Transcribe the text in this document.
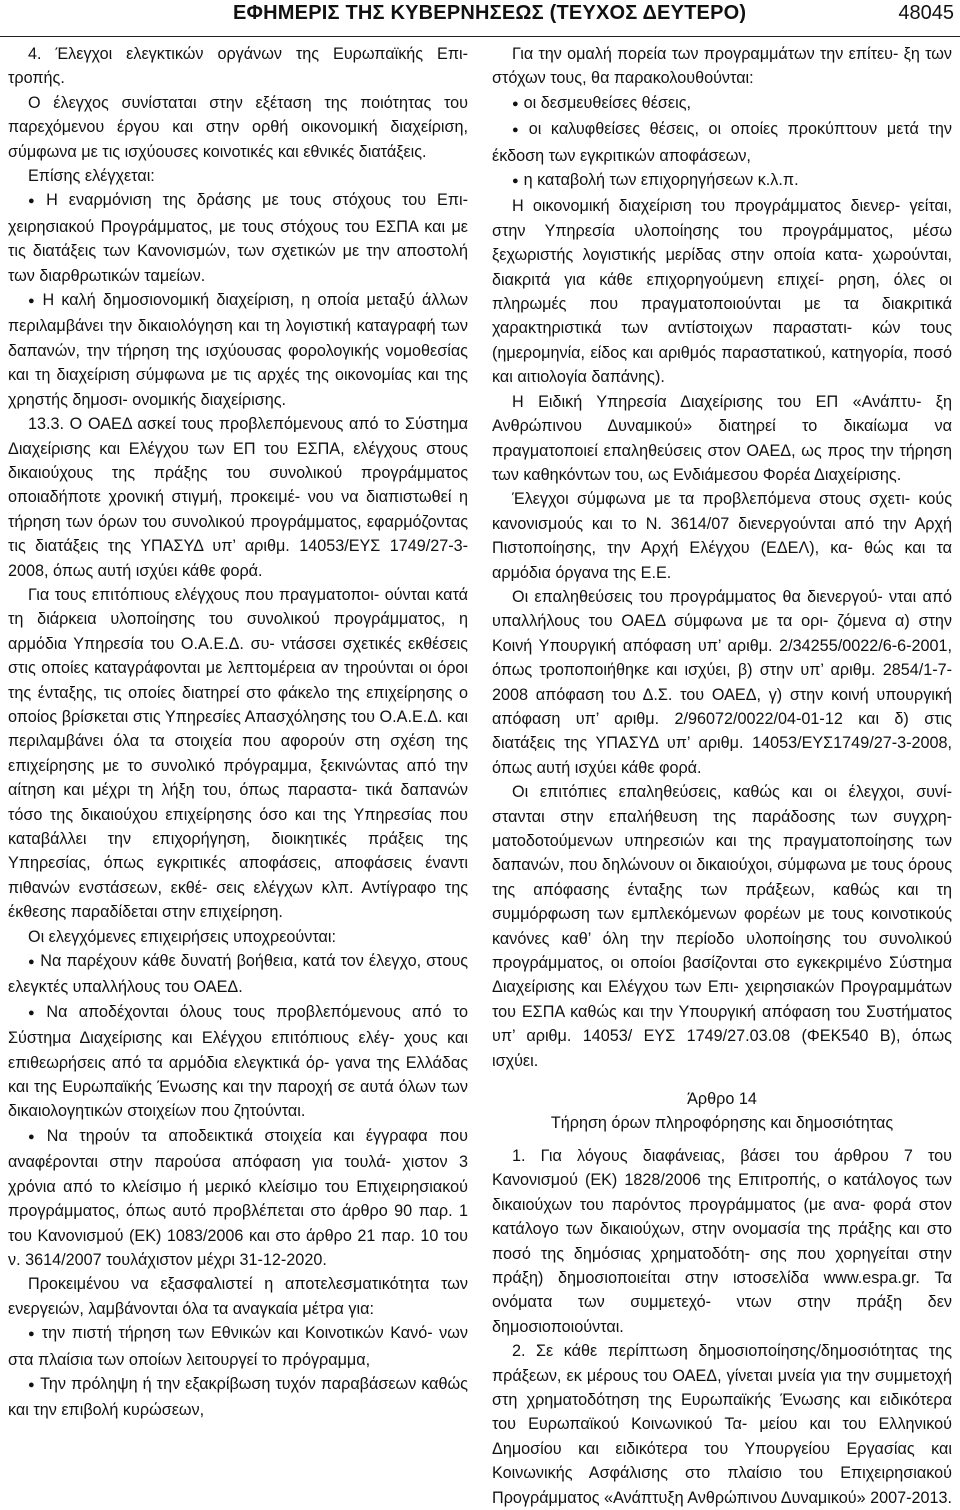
ΕΦΗΜΕΡΙΣ ΤΗΣ ΚΥΒΕΡΝΗΣΕΩΣ (ΤΕΥΧΟΣ ΔΕΥΤΕΡΟ)	48045

4. Έλεγχοι ελεγκτικών οργάνων της Ευρωπαϊκής Επι- τροπής.

Ο έλεγχος συνίσταται στην εξέταση της ποιότητας του παρεχόμενου έργου και στην ορθή οικονομική διαχείριση, σύμφωνα με τις ισχύουσες κοινοτικές και εθνικές διατάξεις.

Επίσης ελέγχεται:

● Η εναρμόνιση της δράσης με τους στόχους του Επι- χειρησιακού Προγράμματος, με τους στόχους του ΕΣΠΑ και με τις διατάξεις των Κανονισμών, των σχετικών με την αποστολή των διαρθρωτικών ταμείων.

● Η καλή δημοσιονομική διαχείριση, η οποία μεταξύ άλλων περιλαμβάνει την δικαιολόγηση και τη λογιστική καταγραφή των δαπανών, την τήρηση της ισχύουσας φορολογικής νομοθεσίας και τη διαχείριση σύμφωνα με τις αρχές της οικονομίας και της χρηστής δημοσι- ονομικής διαχείρισης.

13.3. Ο ΟΑΕΔ ασκεί τους προβλεπόμενους από το Σύστημα Διαχείρισης και Ελέγχου των ΕΠ του ΕΣΠΑ, ελέγχους στους δικαιούχους της πράξης του συνολικού προγράμματος οποιαδήποτε χρονική στιγμή, προκειμέ- νου να διαπιστωθεί η τήρηση των όρων του συνολικού προγράμματος, εφαρμόζοντας τις διατάξεις της ΥΠΑΣΥΔ υπ’ αριθμ. 14053/ΕΥΣ 1749/27-3-2008, όπως αυτή ισχύει κάθε φορά.

Για τους επιτόπιους ελέγχους που πραγματοποι- ούνται κατά τη διάρκεια υλοποίησης του συνολικού προγράμματος, η αρμόδια Υπηρεσία του Ο.Α.Ε.Δ. συ- ντάσσει σχετικές εκθέσεις στις οποίες καταγράφονται με λεπτομέρεια αν τηρούνται οι όροι της ένταξης, τις οποίες διατηρεί στο φάκελο της επιχείρησης ο οποίος βρίσκεται στις Υπηρεσίες Απασχόλησης του Ο.Α.Ε.Δ. και περιλαμβάνει όλα τα στοιχεία που αφορούν στη σχέση της επιχείρησης με το συνολικό πρόγραμμα, ξεκινώντας από την αίτηση και μέχρι τη λήξη του, όπως παραστα- τικά δαπανών τόσο της δικαιούχου επιχείρησης όσο και της Υπηρεσίας που καταβάλλει την επιχορήγηση, διοικητικές πράξεις της Υπηρεσίας, όπως εγκριτικές αποφάσεις, αποφάσεις έναντι πιθανών ενστάσεων, εκθέ- σεις ελέγχων κλπ. Αντίγραφο της έκθεσης παραδίδεται στην επιχείρηση.

Οι ελεγχόμενες επιχειρήσεις υποχρεούνται:

● Να παρέχουν κάθε δυνατή βοήθεια, κατά τον έλεγχο, στους ελεγκτές υπαλλήλους του ΟΑΕΔ.

● Να αποδέχονται όλους τους προβλεπόμενους από το Σύστημα Διαχείρισης και Ελέγχου επιτόπιους ελέγ- χους και επιθεωρήσεις από τα αρμόδια ελεγκτικά όρ- γανα της Ελλάδας και της Ευρωπαϊκής Ένωσης και την παροχή σε αυτά όλων των δικαιολογητικών στοιχείων που ζητούνται.

● Να τηρούν τα αποδεικτικά στοιχεία και έγγραφα που αναφέρονται στην παρούσα απόφαση για τουλά- χιστον 3 χρόνια από το κλείσιμο ή μερικό κλείσιμο του Επιχειρησιακού προγράμματος, όπως αυτό προβλέπεται στο άρθρο 90 παρ. 1 του Κανονισμού (ΕΚ) 1083/2006 και στο άρθρο 21 παρ. 10 του ν. 3614/2007 τουλάχιστον μέχρι 31-12-2020.

Προκειμένου να εξασφαλιστεί η αποτελεσματικότητα των ενεργειών, λαμβάνονται όλα τα αναγκαία μέτρα για:

● την πιστή τήρηση των Εθνικών και Κοινοτικών Κανό- νων στα πλαίσια των οποίων λειτουργεί το πρόγραμμα,

● Την πρόληψη ή την εξακρίβωση τυχόν παραβάσεων καθώς και την επιβολή κυρώσεων,

Για την ομαλή πορεία των προγραμμάτων την επίτευ- ξη των στόχων τους, θα παρακολουθούνται:

● οι δεσμευθείσες θέσεις,

● οι καλυφθείσες θέσεις, οι οποίες προκύπτουν μετά την έκδοση των εγκριτικών αποφάσεων,

● η καταβολή των επιχορηγήσεων κ.λ.π.

Η οικονομική διαχείριση του προγράμματος διενερ- γείται, στην Υπηρεσία υλοποίησης του προγράμματος, μέσω ξεχωριστής λογιστικής μερίδας στην οποία κατα- χωρούνται, διακριτά για κάθε επιχορηγούμενη επιχεί- ρηση, όλες οι πληρωμές που πραγματοποιούνται με τα διακριτικά χαρακτηριστικά των αντίστοιχων παραστατι- κών τους (ημερομηνία, είδος και αριθμός παραστατικού, κατηγορία, ποσό και αιτιολογία δαπάνης).

Η Ειδική Υπηρεσία Διαχείρισης του ΕΠ «Ανάπτυ- ξη Ανθρώπινου Δυναμικού» διατηρεί το δικαίωμα να πραγματοποιεί επαληθεύσεις στον ΟΑΕΔ, ως προς την τήρηση των καθηκόντων του, ως Ενδιάμεσου Φορέα Διαχείρισης.

Έλεγχοι σύμφωνα με τα προβλεπόμενα στους σχετι- κούς κανονισμούς και το Ν. 3614/07 διενεργούνται από την Αρχή Πιστοποίησης, την Αρχή Ελέγχου (ΕΔΕΛ), κα- θώς και τα αρμόδια όργανα της Ε.Ε.

Οι επαληθεύσεις του προγράμματος θα διενεργού- νται από υπαλλήλους του ΟΑΕΔ σύμφωνα με τα ορι- ζόμενα α) στην Κοινή Υπουργική απόφαση υπ’ αριθμ. 2/34255/0022/6-6-2001, όπως τροποποιήθηκε και ισχύει, β) στην υπ’ αριθμ. 2854/1-7-2008 απόφαση του Δ.Σ. του ΟΑΕΔ, γ) στην κοινή υπουργική απόφαση υπ’ αριθμ. 2/96072/0022/04-01-12 και δ) στις διατάξεις της ΥΠΑΣΥΔ υπ’ αριθμ. 14053/ΕΥΣ1749/27-3-2008, όπως αυτή ισχύει κάθε φορά.

Οι επιτόπιες επαληθεύσεις, καθώς και οι έλεγχοι, συνί- στανται στην επαλήθευση της παράδοσης των συγχρη- ματοδοτούμενων υπηρεσιών και της πραγματοποίησης των δαπανών, που δηλώνουν οι δικαιούχοι, σύμφωνα με τους όρους της απόφασης ένταξης των πράξεων, καθώς και τη συμμόρφωση των εμπλεκόμενων φορέων με τους κοινοτικούς κανόνες καθ’ όλη την περίοδο υλοποίησης του συνολικού προγράμματος, οι οποίοι βασίζονται στο εγκεκριμένο Σύστημα Διαχείρισης και Ελέγχου των Επι- χειρησιακών Προγραμμάτων του ΕΣΠΑ καθώς και την Υπουργική απόφαση του Συστήματος υπ’ αριθμ. 14053/ ΕΥΣ 1749/27.03.08 (ΦΕΚ540 Β), όπως ισχύει.

Άρθρο 14

Τήρηση όρων πληροφόρησης και δημοσιότητας

1. Για λόγους διαφάνειας, βάσει του άρθρου 7 του Κανονισμού (ΕΚ) 1828/2006 της Επιτροπής, ο κατάλογος των δικαιούχων του παρόντος προγράμματος (με ανα- φορά στον κατάλογο των δικαιούχων, στην ονομασία της πράξης και στο ποσό της δημόσιας χρηματοδότη- σης που χορηγείται στην πράξη) δημοσιοποιείται στην ιστοσελίδα www.espa.gr. Τα ονόματα των συμμετεχό- ντων στην πράξη δεν δημοσιοποιούνται.

2. Σε κάθε περίπτωση δημοσιοποίησης/δημοσιότητας της πράξεων, εκ μέρους του ΟΑΕΔ, γίνεται μνεία για την συμμετοχή στη χρηματοδότηση της Ευρωπαϊκής Ένωσης και ειδικότερα του Ευρωπαϊκού Κοινωνικού Τα- μείου και του Ελληνικού Δημοσίου και ειδικότερα του Υπουργείου Εργασίας και Κοινωνικής Ασφάλισης στο πλαίσιο του Επιχειρησιακού Προγράμματος «Ανάπτυξη Ανθρώπινου Δυναμικού» 2007-2013.
